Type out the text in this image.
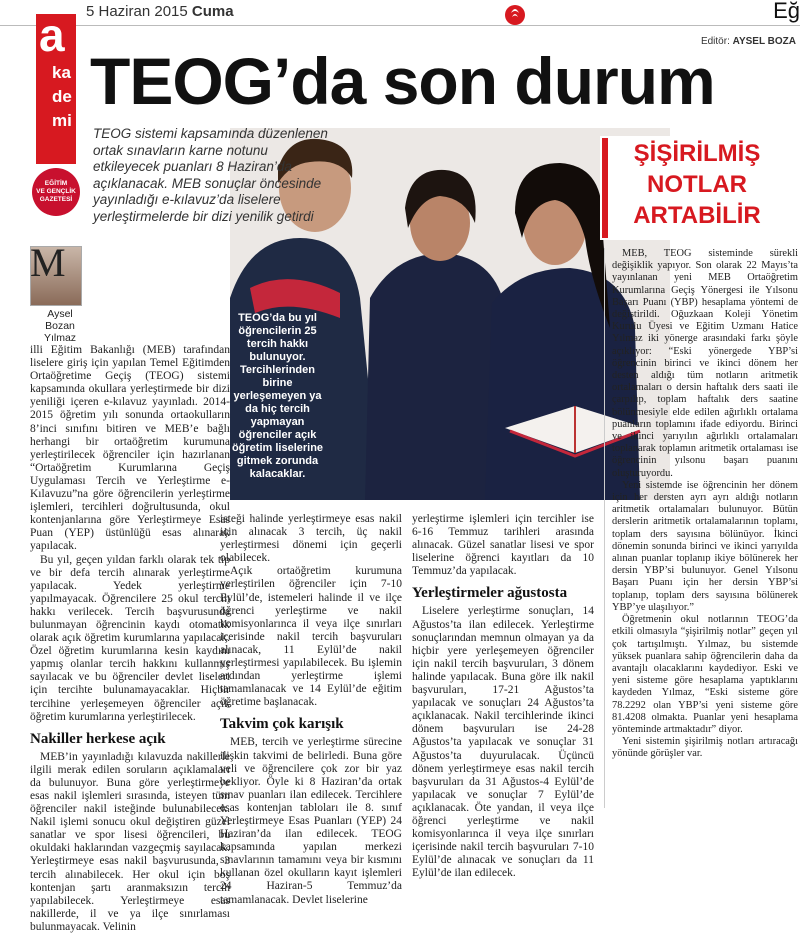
5 Haziran 2015 Cuma	Eğ
Editör: AYSEL BOZA
a
ka
de
mi
EĞİTİM
VE GENÇLİK
GAZETESİ
TEOG’da son durum
TEOG’da bu yıl öğrencilerin 25 tercih hakkı bulunuyor. Tercihlerinden birine yerleşemeyen ya da hiç tercih yapmayan öğrenciler açık öğretim liselerine gitmek zorunda kalacaklar.
TEOG sistemi kapsamında düzenlenen ortak sınavların karne notunu etkileyecek puanları 8 Haziran’da açıklanacak. MEB sonuçlar öncesinde yayınladığı e-kılavuz’da liselere yerleştirmelerde bir dizi yenilik getirdi
ŞİŞİRİLMİŞ
NOTLAR
ARTABİLİR

M

Aysel
Bozan
Yılmaz
illi Eğitim Bakanlığı (MEB) tarafından liselere giriş için yapılan Temel Eğitimden Ortaöğretime Geçiş (TEOG) sistemi kapsamında okullara yerleştirmede bir dizi yeniliği içeren e-kılavuz yayınladı. 2014-2015 öğretim yılı sonunda ortaokulların 8’inci sınıfını bitiren ve MEB’e bağlı herhangi bir ortaöğretim kurumuna yerleştirilecek öğrenciler için hazırlanan “Ortaöğretim Kurumlarına Geçiş Uygulaması Tercih ve Yerleştirme e-Kılavuzu”na göre öğrencilerin yerleştirme işlemleri, tercihleri doğrultusunda, okul kontenjanlarına göre Yerleştirmeye Esas Puan (YEP) üstünlüğü esas alınarak yapılacak.

Bu yıl, geçen yıldan farklı olarak tek tip ve bir defa tercih alınarak yerleştirme yapılacak. Yedek yerleştirme yapılmayacak. Öğrencilere 25 okul tercih hakkı verilecek. Tercih başvurusunda bulunmayan öğrencinin kaydı otomatik olarak açık öğretim kurumlarına yapılacak. Özel öğretim kurumlarına kesin kaydını yapmış olanlar tercih hakkını kullanmış sayılacak ve bu öğrenciler devlet liseleri için tercihte bulunamayacaklar. Hiçbir tercihine yerleşemeyen öğrenciler açık öğretim kurumlarına yerleştirilecek.

Nakiller herkese açık

MEB’in yayınladığı kılavuzda nakillerle ilgili merak edilen soruların açıklamaları da bulunuyor. Buna göre yerleştirmeye esas nakil işlemleri sırasında, isteyen tüm öğrenciler nakil isteğinde bulunabilecek. Nakil işlemi sonucu okul değiştiren güzel sanatlar ve spor lisesi öğrencileri, bu okuldaki haklarından vazgeçmiş sayılacak. Yerleştirmeye esas nakil başvurusunda, 3 tercih alınabilecek. Her okul için boş kontenjan şartı aranmaksızın tercih yapılabilecek. Yerleştirmeye esas nakillerde, il ve ya ilçe sınırlaması bulunmayacak. Velinin

isteği halinde yerleştirmeye esas nakil için alınacak 3 tercih, üç nakil yerleştirmesi dönemi için geçerli olabilecek.

Açık ortaöğretim kurumuna yerleştirilen öğrenciler için 7-10 Eylül’de, istemeleri halinde il ve ilçe öğrenci yerleştirme ve nakil komisyonlarınca il veya ilçe sınırları içerisinde nakil tercih başvuruları alınacak, 11 Eylül’de nakil yerleştirmesi yapılabilecek. Bu işlemin ardından yerleştirme işlemi tamamlanacak ve 14 Eylül’de eğitim öğretime başlanacak.

Takvim çok karışık

MEB, tercih ve yerleştirme sürecine ilişkin takvimi de belirledi. Buna göre veli ve öğrencilere çok zor bir yaz bekliyor. Öyle ki 8 Haziran’da ortak sınav puanları ilan edilecek. Tercihlere esas kontenjan tabloları ile 8. sınıf Yerleştirmeye Esas Puanları (YEP) 24 Haziran’da ilan edilecek. TEOG kapsamında yapılan merkezi sınavlarının tamamını veya bir kısmını kullanan özel okulların kayıt işlemleri 24 Haziran-5 Temmuz’da tamamlanacak. Devlet liselerine

yerleştirme işlemleri için tercihler ise 6-16 Temmuz tarihleri arasında alınacak. Güzel sanatlar lisesi ve spor liselerine öğrenci kayıtları da 10 Temmuz’da yapılacak.

Yerleştirmeler ağustosta

Liselere yerleştirme sonuçları, 14 Ağustos’ta ilan edilecek. Yerleştirme sonuçlarından memnun olmayan ya da hiçbir yere yerleşemeyen öğrenciler için nakil tercih başvuruları, 3 dönem halinde yapılacak. Buna göre ilk nakil başvuruları, 17-21 Ağustos’ta yapılacak ve sonuçları 24 Ağustos’ta açıklanacak. Nakil tercihlerinde ikinci dönem başvuruları ise 24-28 Ağustos’ta yapılacak ve sonuçlar 31 Ağustos’ta duyurulacak. Üçüncü dönem yerleştirmeye esas nakil tercih başvuruları da 31 Ağustos-4 Eylül’de yapılacak ve sonuçlar 7 Eylül’de açıklanacak. Öte yandan, il veya ilçe öğrenci yerleştirme ve nakil komisyonlarınca il veya ilçe sınırları içerisinde nakil tercih başvuruları 7-10 Eylül’de alınacak ve sonuçları da 11 Eylül’de ilan edilecek.

MEB, TEOG sisteminde sürekli değişiklik yapıyor. Son olarak 22 Mayıs’ta yayınlanan yeni MEB Ortaöğretim Kurumlarına Geçiş Yönergesi ile Yılsonu Başarı Puanı (YBP) hesaplama yöntemi de değiştirildi. Oğuzkaan Koleji Yönetim Kurulu Üyesi ve Eğitim Uzmanı Hatice Yılmaz iki yönerge arasındaki farkı şöyle açıklıyor: “Eski yönergede YBP’si öğrencinin birinci ve ikinci dönem her desten aldığı tüm notların aritmetik ortalamaları o dersin haftalık ders saati ile çarpılıp, toplam haftalık ders saatine bölünmesiyle elde edilen ağırlıklı ortalama puanların toplamını ifade ediyordu. Birinci ve ikinci yarıyılın ağırlıklı ortalamaları toplanarak toplamın aritmetik ortalaması ise öğrencinin yılsonu başarı puanını oluşturuyordu.

Yeni sistemde ise öğrencinin her dönem için her dersten ayrı ayrı aldığı notların aritmetik ortalamaları bulunuyor. Bütün derslerin aritmetik ortalamalarının toplamı, toplam ders sayısına bölünüyor. İkinci dönemin sonunda birinci ve ikinci yarıyılda alınan puanlar toplanıp ikiye bölünerek her dersin YBP’si bulunuyor. Genel Yılsonu Başarı Puanı için her dersin YBP’si toplanıp, toplam ders sayısına bölünerek YBP’ye ulaşılıyor.”

Öğretmenin okul notlarının TEOG’da etkili olmasıyla “şişirilmiş notlar” geçen yıl çok tartışılmıştı. Yılmaz, bu sistemde yüksek puanlara sahip öğrencilerin daha da avantajlı olacaklarını kaydediyor. Eski ve yeni sisteme göre hesaplama yaptıklarını kaydeden Yılmaz, “Eski sisteme göre 78.2292 olan YBP’si yeni sisteme göre 81.4208 olmakta. Puanlar yeni hesaplama yönteminde artmaktadır” diyor.

Yeni sistemin şişirilmiş notları artıracağı yönünde görüşler var.
